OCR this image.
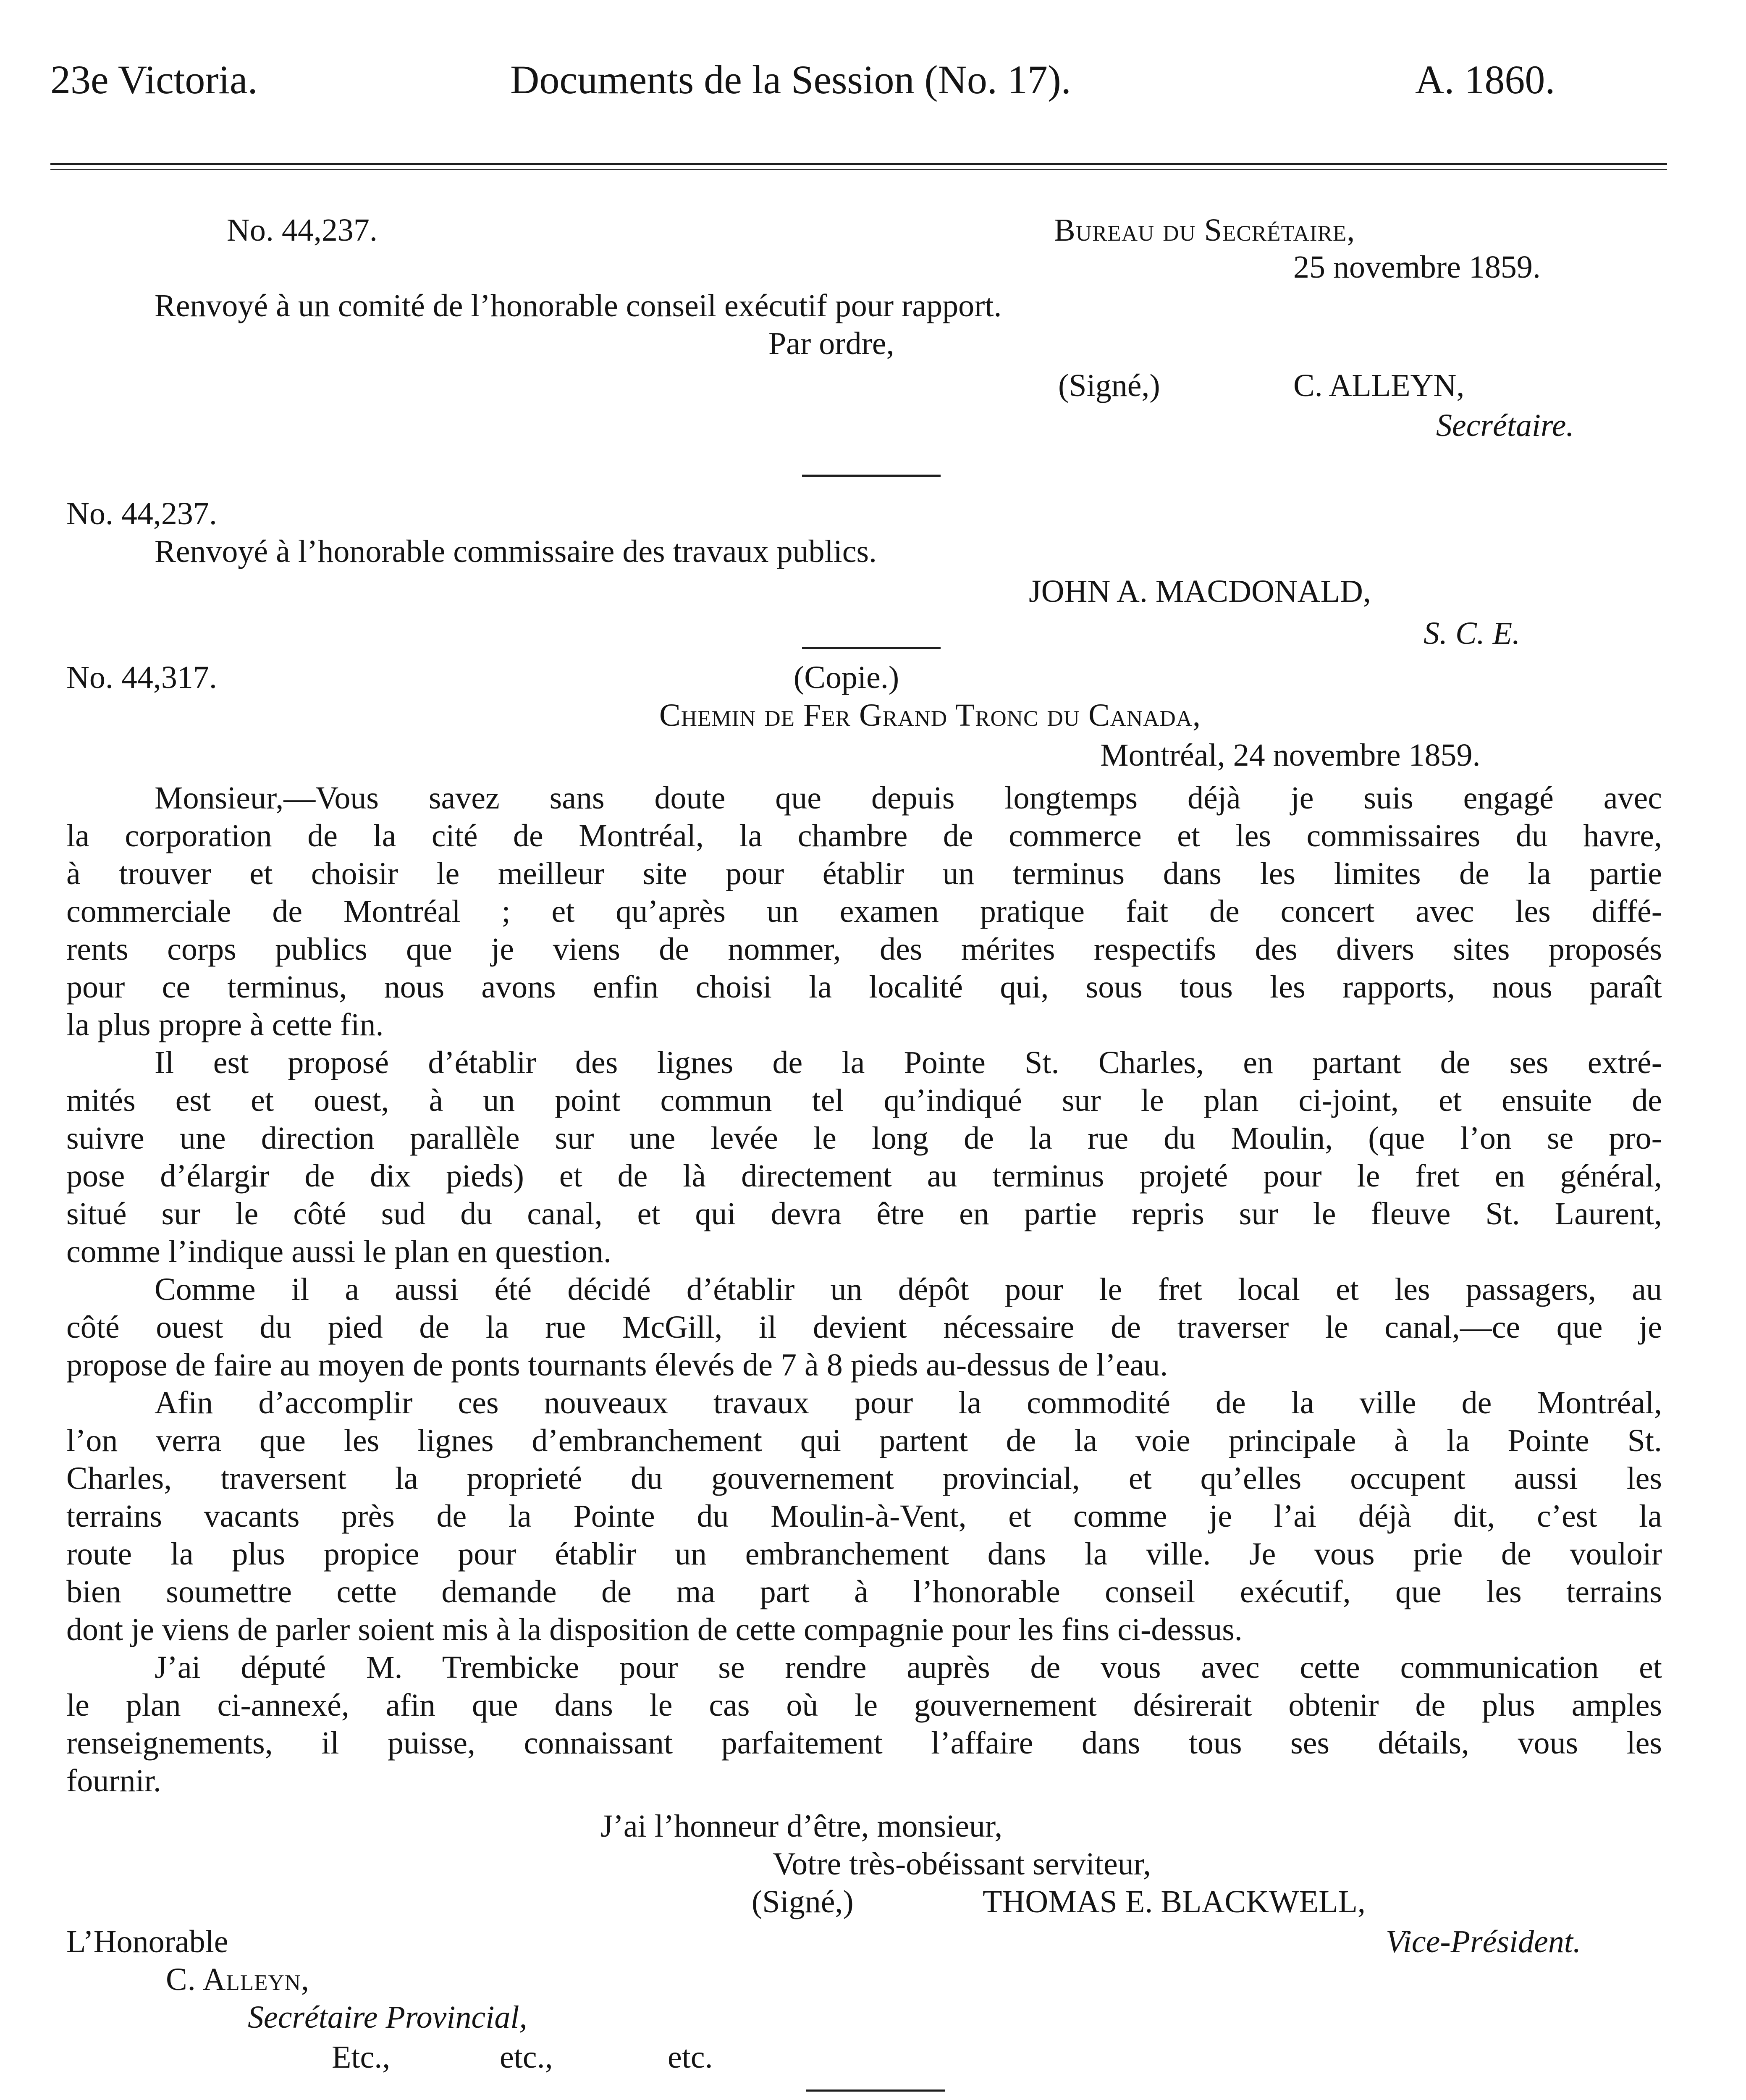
23e Victoria.	Documents de la Session (No. 17).	A. 1860.
No. 44,237.	Bureau du Secrétaire,
25 novembre 1859.
Renvoyé à un comité de l’honorable conseil exécutif pour rapport.
Par ordre,
(Signé,)	C. ALLEYN,
Secrétaire.
No. 44,237.
Renvoyé à l’honorable commissaire des travaux publics.
JOHN A. MACDONALD,
S. C. E.
No. 44,317.	(Copie.)
Chemin de Fer Grand Tronc du Canada,
Montréal, 24 novembre 1859.
Monsieur,—Vous savez sans doute que depuis longtemps déjà je suis engagé avec
la corporation de la cité de Montréal, la chambre de commerce et les commissaires du havre,
à trouver et choisir le meilleur site pour établir un terminus dans les limites de la partie
commerciale de Montréal ; et qu’après un examen pratique fait de concert avec les diffé-
rents corps publics que je viens de nommer, des mérites respectifs des divers sites proposés
pour ce terminus, nous avons enfin choisi la localité qui, sous tous les rapports, nous paraît
la plus propre à cette fin.
Il est proposé d’établir des lignes de la Pointe St. Charles, en partant de ses extré-
mités est et ouest, à un point commun tel qu’indiqué sur le plan ci-joint, et ensuite de
suivre une direction parallèle sur une levée le long de la rue du Moulin, (que l’on se pro-
pose d’élargir de dix pieds) et de là directement au terminus projeté pour le fret en général,
situé sur le côté sud du canal, et qui devra être en partie repris sur le fleuve St. Laurent,
comme l’indique aussi le plan en question.
Comme il a aussi été décidé d’établir un dépôt pour le fret local et les passagers, au
côté ouest du pied de la rue McGill, il devient nécessaire de traverser le canal,—ce que je
propose de faire au moyen de ponts tournants élevés de 7 à 8 pieds au-dessus de l’eau.
Afin d’accomplir ces nouveaux travaux pour la commodité de la ville de Montréal,
l’on verra que les lignes d’embranchement qui partent de la voie principale à la Pointe St.
Charles, traversent la proprieté du gouvernement provincial, et qu’elles occupent aussi les
terrains vacants près de la Pointe du Moulin-à-Vent, et comme je l’ai déjà dit, c’est la
route la plus propice pour établir un embranchement dans la ville. Je vous prie de vouloir
bien soumettre cette demande de ma part à l’honorable conseil exécutif, que les terrains
dont je viens de parler soient mis à la disposition de cette compagnie pour les fins ci-dessus.
J’ai député M. Trembicke pour se rendre auprès de vous avec cette communication et
le plan ci-annexé, afin que dans le cas où le gouvernement désirerait obtenir de plus amples
renseignements, il puisse, connaissant parfaitement l’affaire dans tous ses détails, vous les
fournir.
J’ai l’honneur d’être, monsieur,
Votre très-obéissant serviteur,
(Signé,)	THOMAS E. BLACKWELL,
Vice-Président.
L’Honorable
C. Alleyn,
Secrétaire Provincial,
Etc.,	etc.,	etc.
